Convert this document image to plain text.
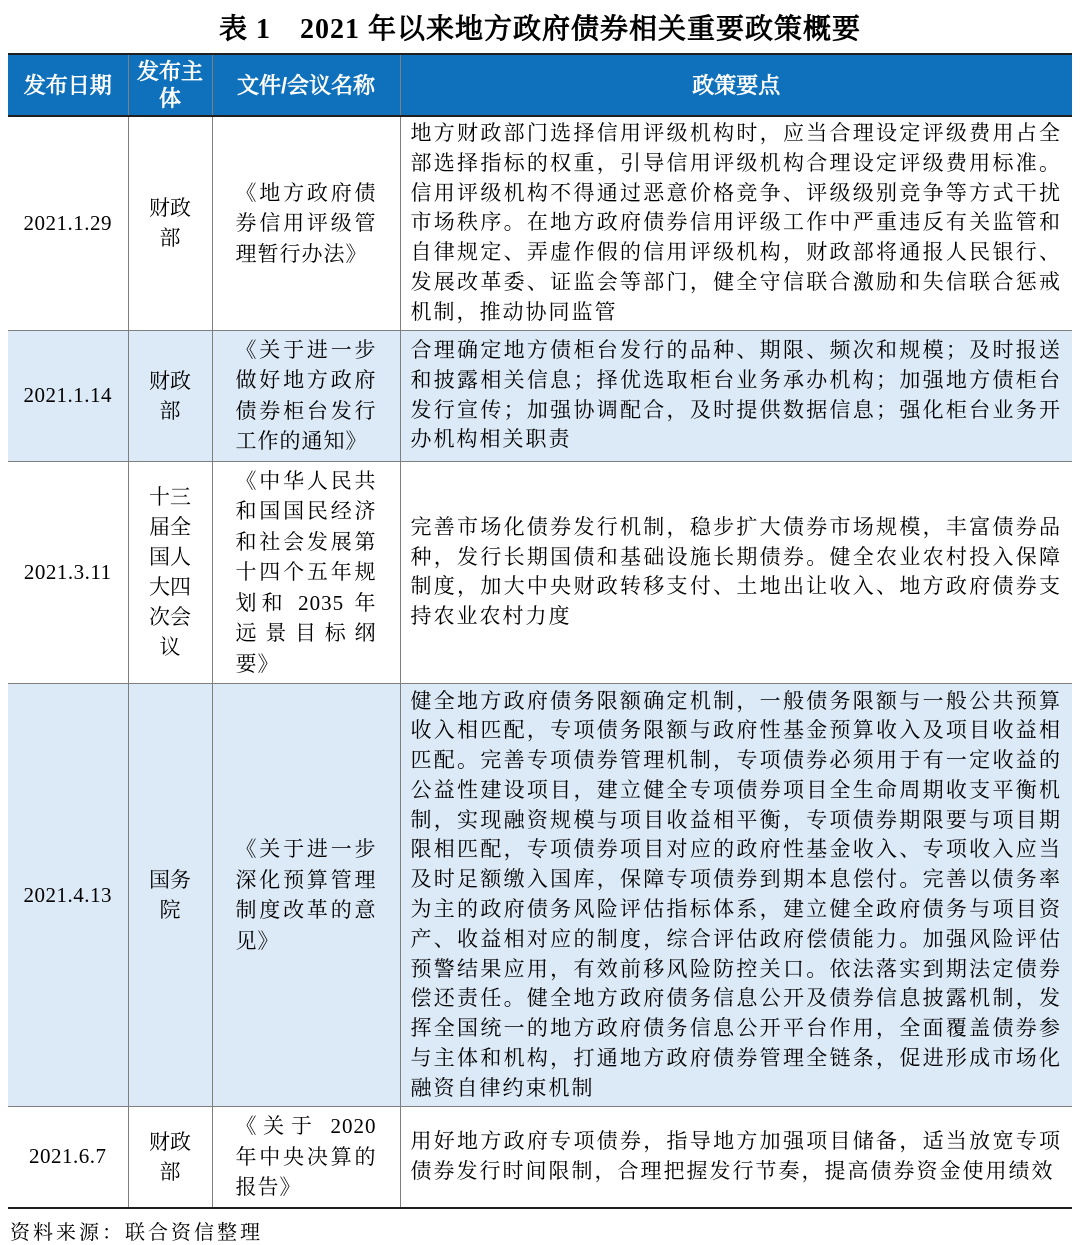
表 1　2021 年以来地方政府债券相关重要政策概要
发布日期	发布主体	文件/会议名称	政策要点
2021.1.29	财政部	《地方政府债券信用评级管理暂行办法》	地方财政部门选择信用评级机构时，应当合理设定评级费用占全部选择指标的权重，引导信用评级机构合理设定评级费用标准。信用评级机构不得通过恶意价格竞争、评级级别竞争等方式干扰市场秩序。在地方政府债券信用评级工作中严重违反有关监管和自律规定、弄虚作假的信用评级机构，财政部将通报人民银行、发展改革委、证监会等部门，健全守信联合激励和失信联合惩戒机制，推动协同监管
2021.1.14	财政部	《关于进一步做好地方政府债券柜台发行工作的通知》	合理确定地方债柜台发行的品种、期限、频次和规模；及时报送和披露相关信息；择优选取柜台业务承办机构；加强地方债柜台发行宣传；加强协调配合，及时提供数据信息；强化柜台业务开办机构相关职责
2021.3.11	十三届全国人大四次会议	《中华人民共和国国民经济和社会发展第十四个五年规划和 2035 年远景目标纲要》	完善市场化债券发行机制，稳步扩大债券市场规模，丰富债券品种，发行长期国债和基础设施长期债券。健全农业农村投入保障制度，加大中央财政转移支付、土地出让收入、地方政府债券支持农业农村力度
2021.4.13	国务院	《关于进一步深化预算管理制度改革的意见》	健全地方政府债务限额确定机制，一般债务限额与一般公共预算收入相匹配，专项债务限额与政府性基金预算收入及项目收益相匹配。完善专项债券管理机制，专项债券必须用于有一定收益的公益性建设项目，建立健全专项债券项目全生命周期收支平衡机制，实现融资规模与项目收益相平衡，专项债券期限要与项目期限相匹配，专项债券项目对应的政府性基金收入、专项收入应当及时足额缴入国库，保障专项债券到期本息偿付。完善以债务率为主的政府债务风险评估指标体系，建立健全政府债务与项目资产、收益相对应的制度，综合评估政府偿债能力。加强风险评估预警结果应用，有效前移风险防控关口。依法落实到期法定债券偿还责任。健全地方政府债务信息公开及债券信息披露机制，发挥全国统一的地方政府债务信息公开平台作用，全面覆盖债券参与主体和机构，打通地方政府债券管理全链条，促进形成市场化融资自律约束机制
2021.6.7	财政部	《关于 2020 年中央决算的报告》	用好地方政府专项债券，指导地方加强项目储备，适当放宽专项债券发行时间限制，合理把握发行节奏，提高债券资金使用绩效
资料来源：联合资信整理
